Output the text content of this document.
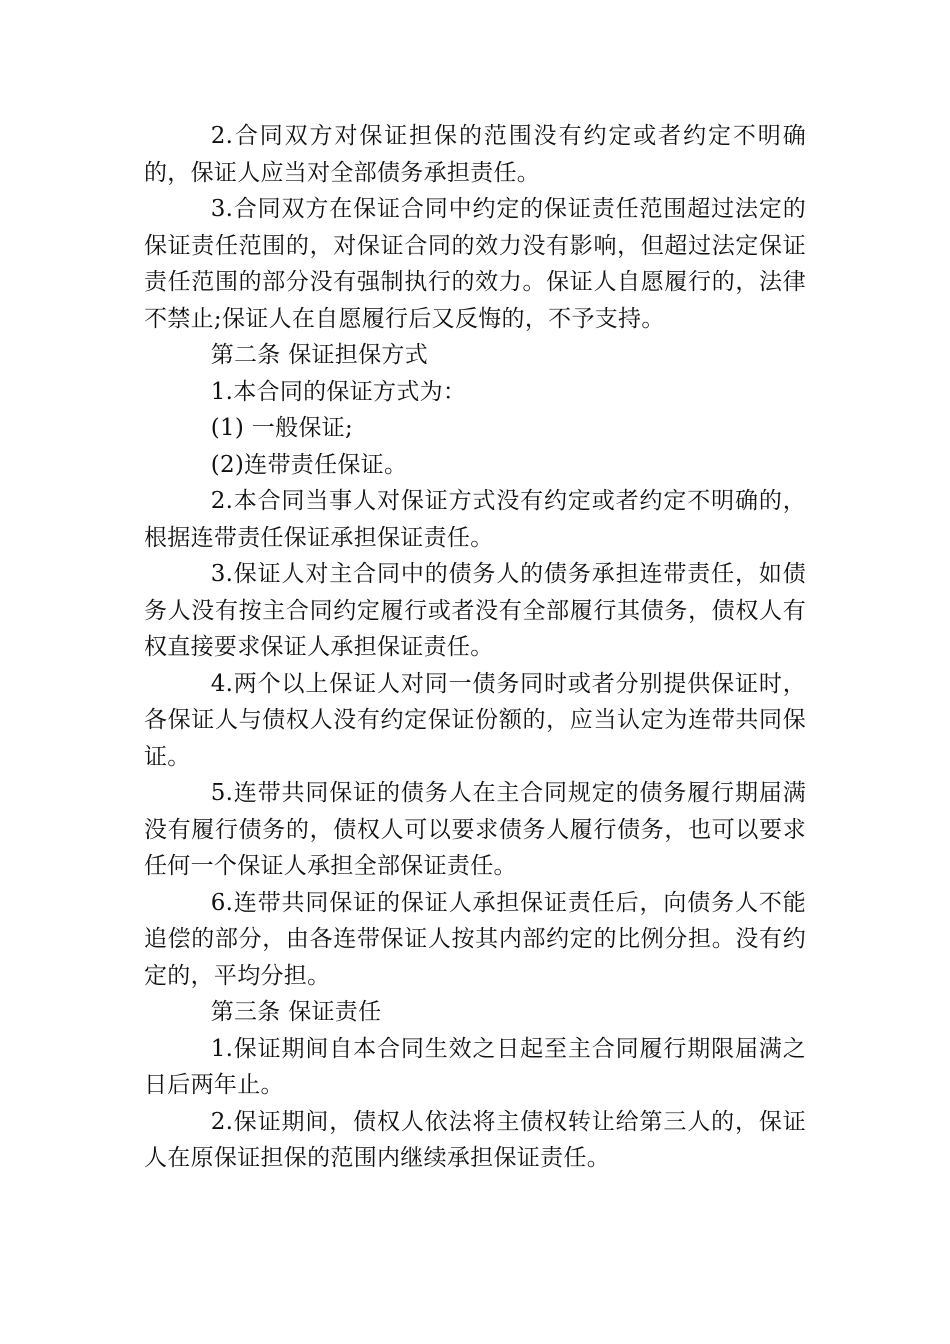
2.合同双方对保证担保的范围没有约定或者约定不明确的，保证人应当对全部债务承担责任。

3.合同双方在保证合同中约定的保证责任范围超过法定的保证责任范围的，对保证合同的效力没有影响，但超过法定保证责任范围的部分没有强制执行的效力。保证人自愿履行的，法律不禁止;保证人在自愿履行后又反悔的，不予支持。

第二条 保证担保方式

1.本合同的保证方式为：

(1) 一般保证;

(2)连带责任保证。

2.本合同当事人对保证方式没有约定或者约定不明确的，根据连带责任保证承担保证责任。

3.保证人对主合同中的债务人的债务承担连带责任，如债务人没有按主合同约定履行或者没有全部履行其债务，债权人有权直接要求保证人承担保证责任。

4.两个以上保证人对同一债务同时或者分别提供保证时，各保证人与债权人没有约定保证份额的，应当认定为连带共同保证。

5.连带共同保证的债务人在主合同规定的债务履行期届满没有履行债务的，债权人可以要求债务人履行债务，也可以要求任何一个保证人承担全部保证责任。

6.连带共同保证的保证人承担保证责任后，向债务人不能追偿的部分，由各连带保证人按其内部约定的比例分担。没有约定的，平均分担。

第三条 保证责任

1.保证期间自本合同生效之日起至主合同履行期限届满之日后两年止。

2.保证期间，债权人依法将主债权转让给第三人的，保证人在原保证担保的范围内继续承担保证责任。
